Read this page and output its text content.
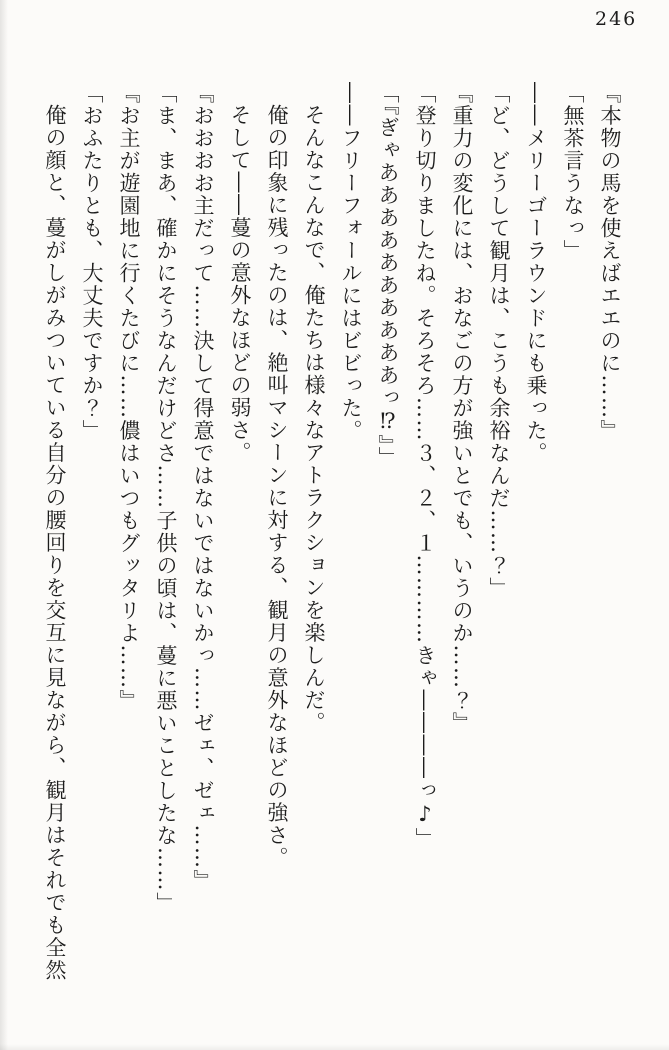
246

『本物の馬を使えばエエのに……』

「無茶言うなっ」

――メリーゴーラウンドにも乗った。

「ど、どうして観月は、こうも余裕なんだ……？」

『重力の変化には、おなごの方が強いとでも、いうのか……？』

「登り切りましたね。そろそろ……３、２、１…………きゃ――――っ♪」

「『ぎゃああああああああああっ⁉』」

――フリーフォールにはビビった。

そんなこんなで、俺たちは様々なアトラクションを楽しんだ。

俺の印象に残ったのは、絶叫マシーンに対する、観月の意外なほどの強さ。

そして――蔓の意外なほどの弱さ。

『おおおお主だって……決して得意ではないではないかっ……ゼェ、ゼェ……』

「ま、まあ、確かにそうなんだけどさ……子供の頃は、蔓に悪いことしたな……」

『お主が遊園地に行くたびに……儂はいつもグッタリよ……』

「おふたりとも、大丈夫ですか？」

俺の顔と、蔓がしがみついている自分の腰回りを交互に見ながら、観月はそれでも全然
